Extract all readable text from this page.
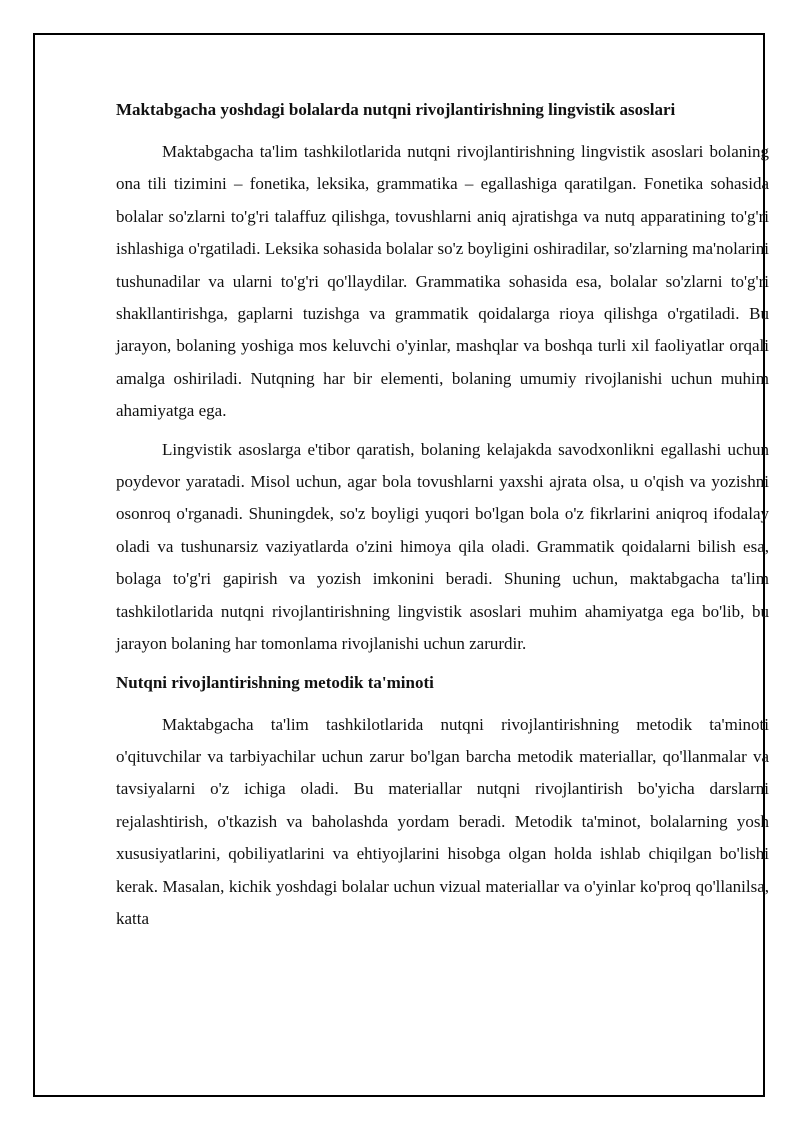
Maktabgacha yoshdagi bolalarda nutqni rivojlantirishning lingvistik asoslari

Maktabgacha ta'lim tashkilotlarida nutqni rivojlantirishning lingvistik asoslari bolaning ona tili tizimini – fonetika, leksika, grammatika – egallashiga qaratilgan. Fonetika sohasida bolalar so'zlarni to'g'ri talaffuz qilishga, tovushlarni aniq ajratishga va nutq apparatining to'g'ri ishlashiga o'rgatiladi. Leksika sohasida bolalar so'z boyligini oshiradilar, so'zlarning ma'nolarini tushunadilar va ularni to'g'ri qo'llaydilar. Grammatika sohasida esa, bolalar so'zlarni to'g'ri shakllantirishga, gaplarni tuzishga va grammatik qoidalarga rioya qilishga o'rgatiladi. Bu jarayon, bolaning yoshiga mos keluvchi o'yinlar, mashqlar va boshqa turli xil faoliyatlar orqali amalga oshiriladi. Nutqning har bir elementi, bolaning umumiy rivojlanishi uchun muhim ahamiyatga ega.

Lingvistik asoslarga e'tibor qaratish, bolaning kelajakda savodxonlikni egallashi uchun poydevor yaratadi. Misol uchun, agar bola tovushlarni yaxshi ajrata olsa, u o'qish va yozishni osonroq o'rganadi. Shuningdek, so'z boyligi yuqori bo'lgan bola o'z fikrlarini aniqroq ifodalay oladi va tushunarsiz vaziyatlarda o'zini himoya qila oladi. Grammatik qoidalarni bilish esa, bolaga to'g'ri gapirish va yozish imkonini beradi. Shuning uchun, maktabgacha ta'lim tashkilotlarida nutqni rivojlantirishning lingvistik asoslari muhim ahamiyatga ega bo'lib, bu jarayon bolaning har tomonlama rivojlanishi uchun zarurdir.

Nutqni rivojlantirishning metodik ta'minoti

Maktabgacha ta'lim tashkilotlarida nutqni rivojlantirishning metodik ta'minoti o'qituvchilar va tarbiyachilar uchun zarur bo'lgan barcha metodik materiallar, qo'llanmalar va tavsiyalarni o'z ichiga oladi. Bu materiallar nutqni rivojlantirish bo'yicha darslarni rejalashtirish, o'tkazish va baholashda yordam beradi. Metodik ta'minot, bolalarning yosh xususiyatlarini, qobiliyatlarini va ehtiyojlarini hisobga olgan holda ishlab chiqilgan bo'lishi kerak. Masalan, kichik yoshdagi bolalar uchun vizual materiallar va o'yinlar ko'proq qo'llanilsa, katta
